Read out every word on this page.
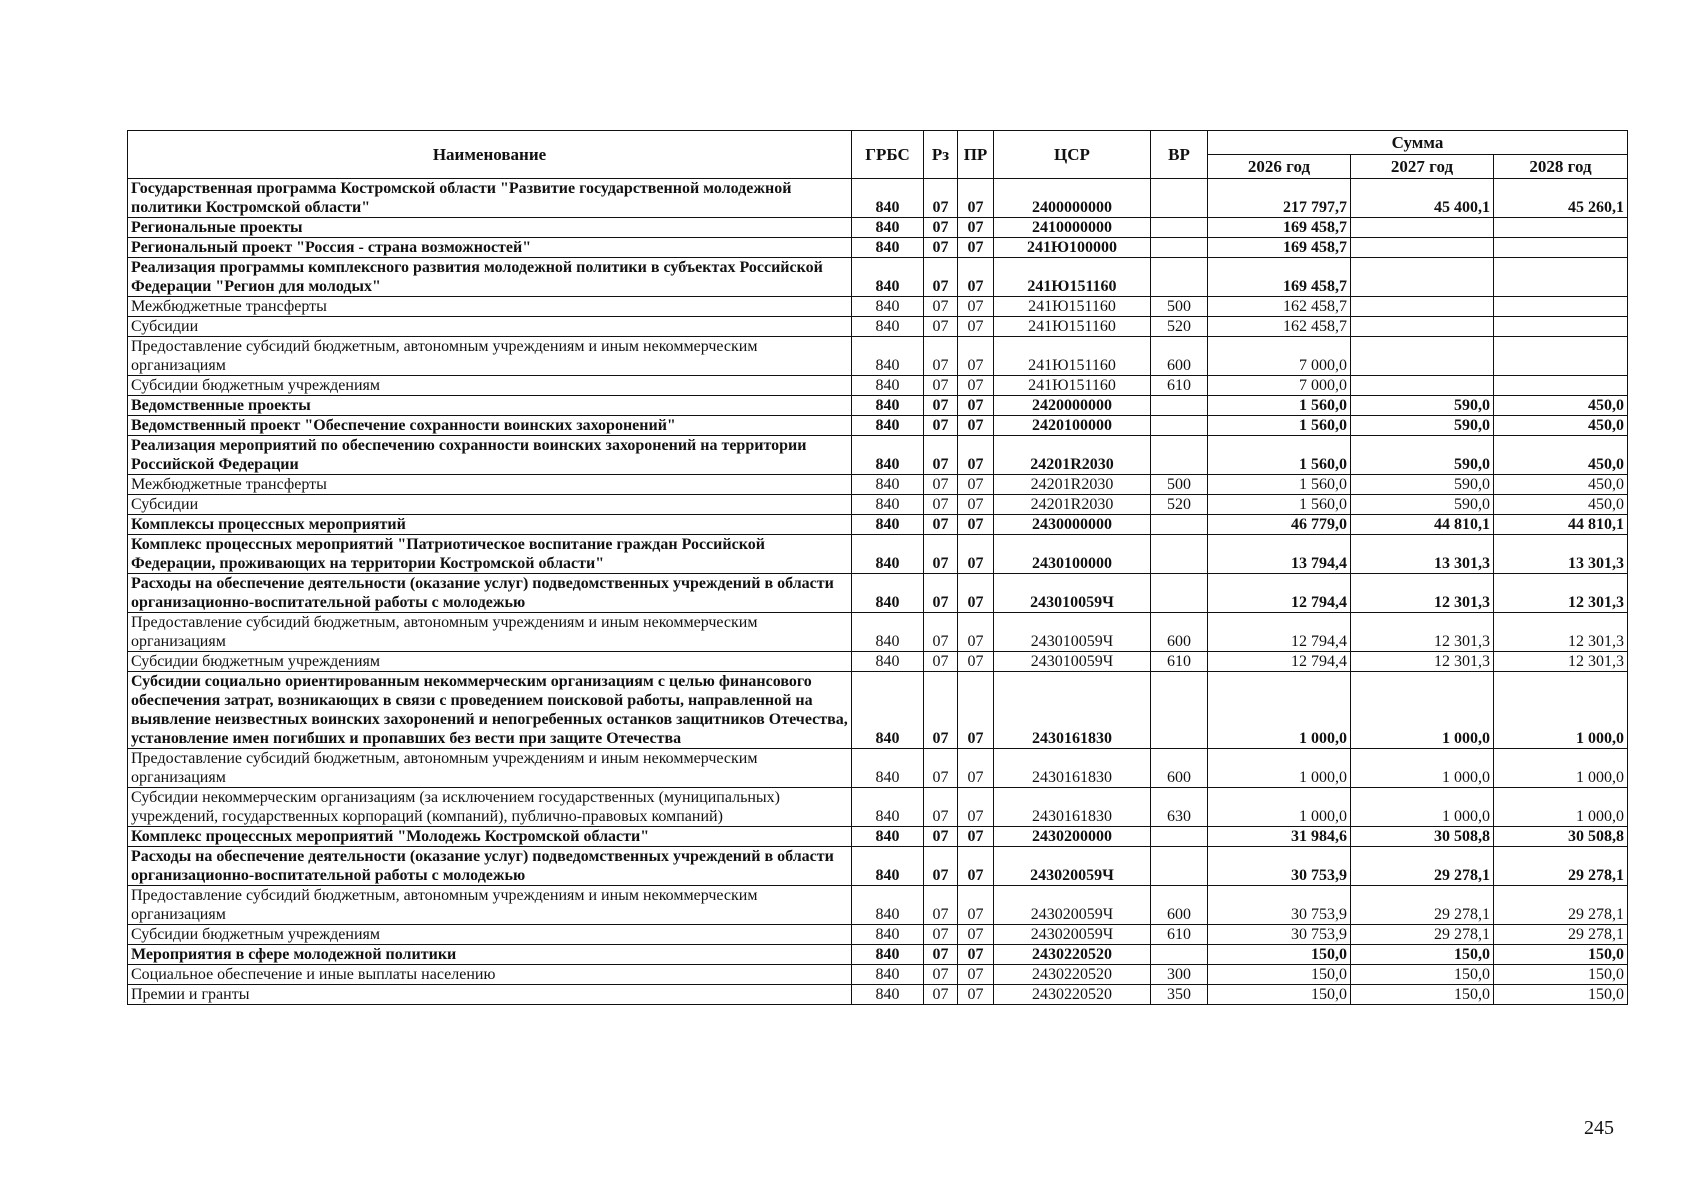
Наименование	ГРБС	Рз	ПР	ЦСР	ВР	Сумма		
						2026 год	2027 год	2028 год
Государственная программа Костромской области "Развитие государственной молодежной политики Костромской области"	840	07	07	2400000000		217 797,7	45 400,1	45 260,1
Региональные проекты	840	07	07	2410000000		169 458,7		
Региональный проект "Россия - страна возможностей"	840	07	07	241Ю100000		169 458,7		
Реализация программы комплексного развития молодежной политики в субъектах Российской Федерации "Регион для молодых"	840	07	07	241Ю151160		169 458,7		
Межбюджетные трансферты	840	07	07	241Ю151160	500	162 458,7		
Субсидии	840	07	07	241Ю151160	520	162 458,7		
Предоставление субсидий бюджетным, автономным учреждениям и иным некоммерческим организациям	840	07	07	241Ю151160	600	7 000,0		
Субсидии бюджетным учреждениям	840	07	07	241Ю151160	610	7 000,0		
Ведомственные проекты	840	07	07	2420000000		1 560,0	590,0	450,0
Ведомственный проект "Обеспечение сохранности воинских захоронений"	840	07	07	2420100000		1 560,0	590,0	450,0
Реализация мероприятий по обеспечению сохранности воинских захоронений на территории Российской Федерации	840	07	07	24201R2030		1 560,0	590,0	450,0
Межбюджетные трансферты	840	07	07	24201R2030	500	1 560,0	590,0	450,0
Субсидии	840	07	07	24201R2030	520	1 560,0	590,0	450,0
Комплексы процессных мероприятий	840	07	07	2430000000		46 779,0	44 810,1	44 810,1
Комплекс процессных мероприятий "Патриотическое воспитание граждан Российской Федерации, проживающих на территории Костромской области"	840	07	07	2430100000		13 794,4	13 301,3	13 301,3
Расходы на обеспечение деятельности (оказание услуг) подведомственных учреждений в области организационно-воспитательной работы с молодежью	840	07	07	243010059Ч		12 794,4	12 301,3	12 301,3
Предоставление субсидий бюджетным, автономным учреждениям и иным некоммерческим организациям	840	07	07	243010059Ч	600	12 794,4	12 301,3	12 301,3
Субсидии бюджетным учреждениям	840	07	07	243010059Ч	610	12 794,4	12 301,3	12 301,3
Субсидии социально ориентированным некоммерческим организациям с целью финансового обеспечения затрат, возникающих в связи с проведением поисковой работы, направленной на выявление неизвестных воинских захоронений и непогребенных останков защитников Отечества, установление имен погибших и пропавших без вести при защите Отечества	840	07	07	2430161830		1 000,0	1 000,0	1 000,0
Предоставление субсидий бюджетным, автономным учреждениям и иным некоммерческим организациям	840	07	07	2430161830	600	1 000,0	1 000,0	1 000,0
Субсидии некоммерческим организациям (за исключением государственных (муниципальных) учреждений, государственных корпораций (компаний), публично-правовых компаний)	840	07	07	2430161830	630	1 000,0	1 000,0	1 000,0
Комплекс процессных мероприятий "Молодежь Костромской области"	840	07	07	2430200000		31 984,6	30 508,8	30 508,8
Расходы на обеспечение деятельности (оказание услуг) подведомственных учреждений в области организационно-воспитательной работы с молодежью	840	07	07	243020059Ч		30 753,9	29 278,1	29 278,1
Предоставление субсидий бюджетным, автономным учреждениям и иным некоммерческим организациям	840	07	07	243020059Ч	600	30 753,9	29 278,1	29 278,1
Субсидии бюджетным учреждениям	840	07	07	243020059Ч	610	30 753,9	29 278,1	29 278,1
Мероприятия в сфере молодежной политики	840	07	07	2430220520		150,0	150,0	150,0
Социальное обеспечение и иные выплаты населению	840	07	07	2430220520	300	150,0	150,0	150,0
Премии и гранты	840	07	07	2430220520	350	150,0	150,0	150,0
245
